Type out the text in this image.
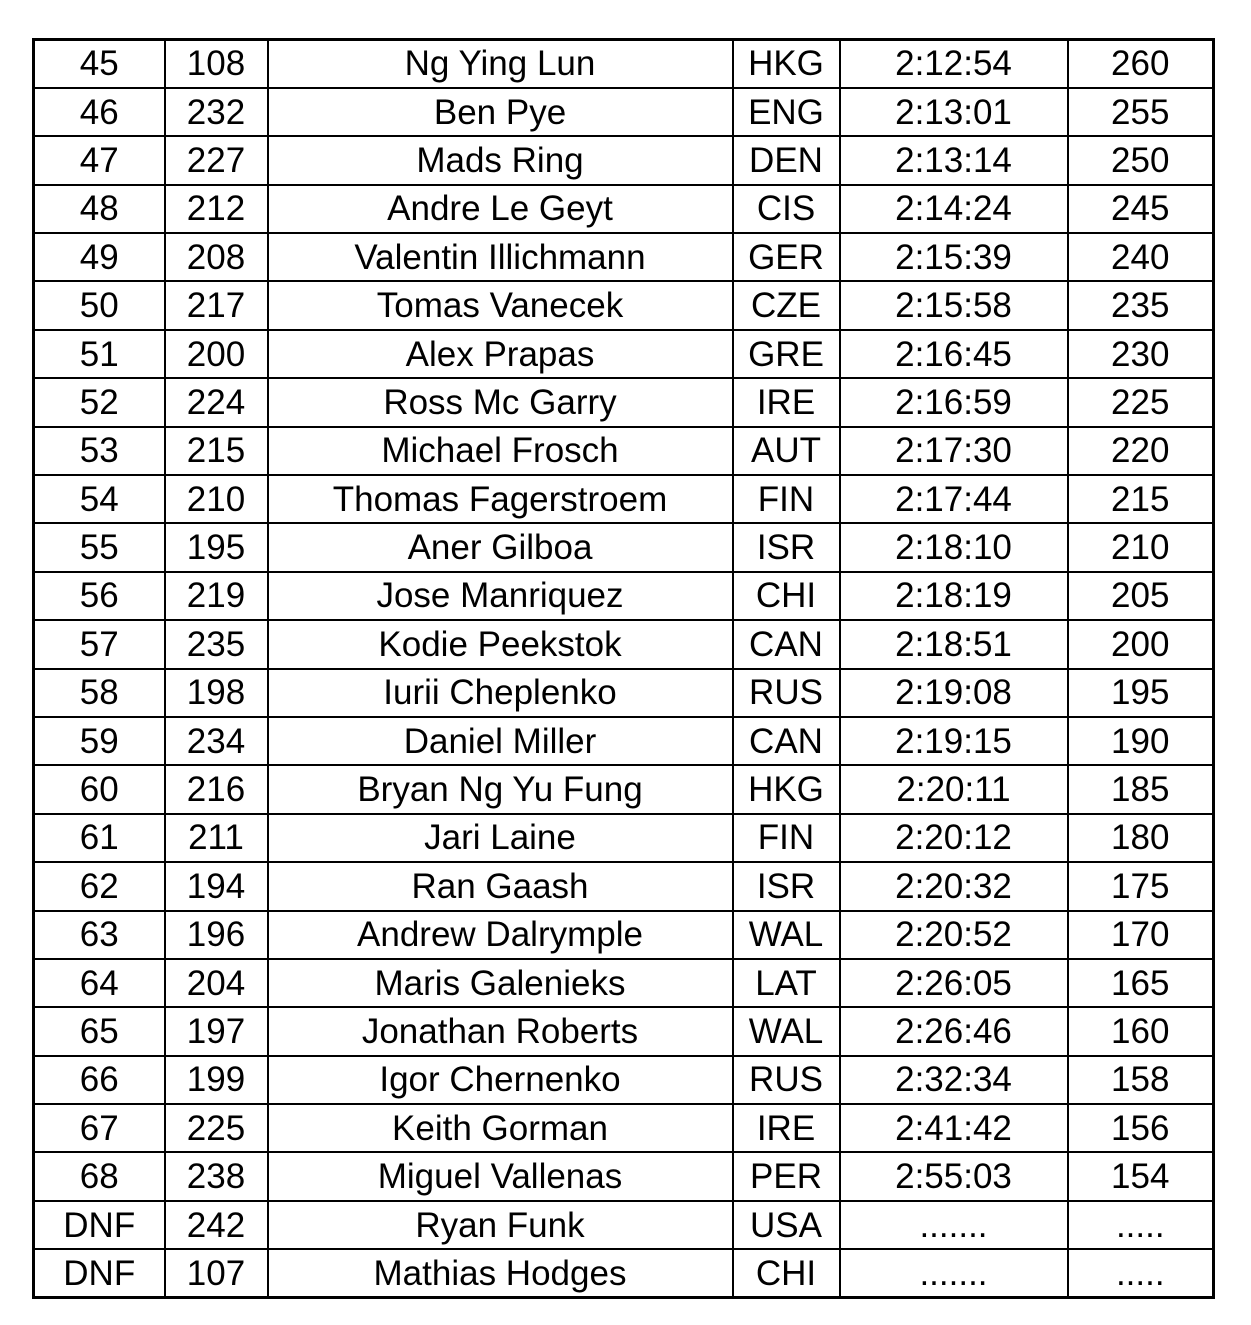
45	108	Ng Ying Lun	HKG	2:12:54	260
46	232	Ben Pye	ENG	2:13:01	255
47	227	Mads Ring	DEN	2:13:14	250
48	212	Andre Le Geyt	CIS	2:14:24	245
49	208	Valentin Illichmann	GER	2:15:39	240
50	217	Tomas Vanecek	CZE	2:15:58	235
51	200	Alex Prapas	GRE	2:16:45	230
52	224	Ross Mc Garry	IRE	2:16:59	225
53	215	Michael Frosch	AUT	2:17:30	220
54	210	Thomas Fagerstroem	FIN	2:17:44	215
55	195	Aner Gilboa	ISR	2:18:10	210
56	219	Jose Manriquez	CHI	2:18:19	205
57	235	Kodie Peekstok	CAN	2:18:51	200
58	198	Iurii Cheplenko	RUS	2:19:08	195
59	234	Daniel Miller	CAN	2:19:15	190
60	216	Bryan Ng Yu Fung	HKG	2:20:11	185
61	211	Jari Laine	FIN	2:20:12	180
62	194	Ran Gaash	ISR	2:20:32	175
63	196	Andrew Dalrymple	WAL	2:20:52	170
64	204	Maris Galenieks	LAT	2:26:05	165
65	197	Jonathan Roberts	WAL	2:26:46	160
66	199	Igor Chernenko	RUS	2:32:34	158
67	225	Keith Gorman	IRE	2:41:42	156
68	238	Miguel Vallenas	PER	2:55:03	154
DNF	242	Ryan Funk	USA	.......	.....
DNF	107	Mathias Hodges	CHI	.......	.....
